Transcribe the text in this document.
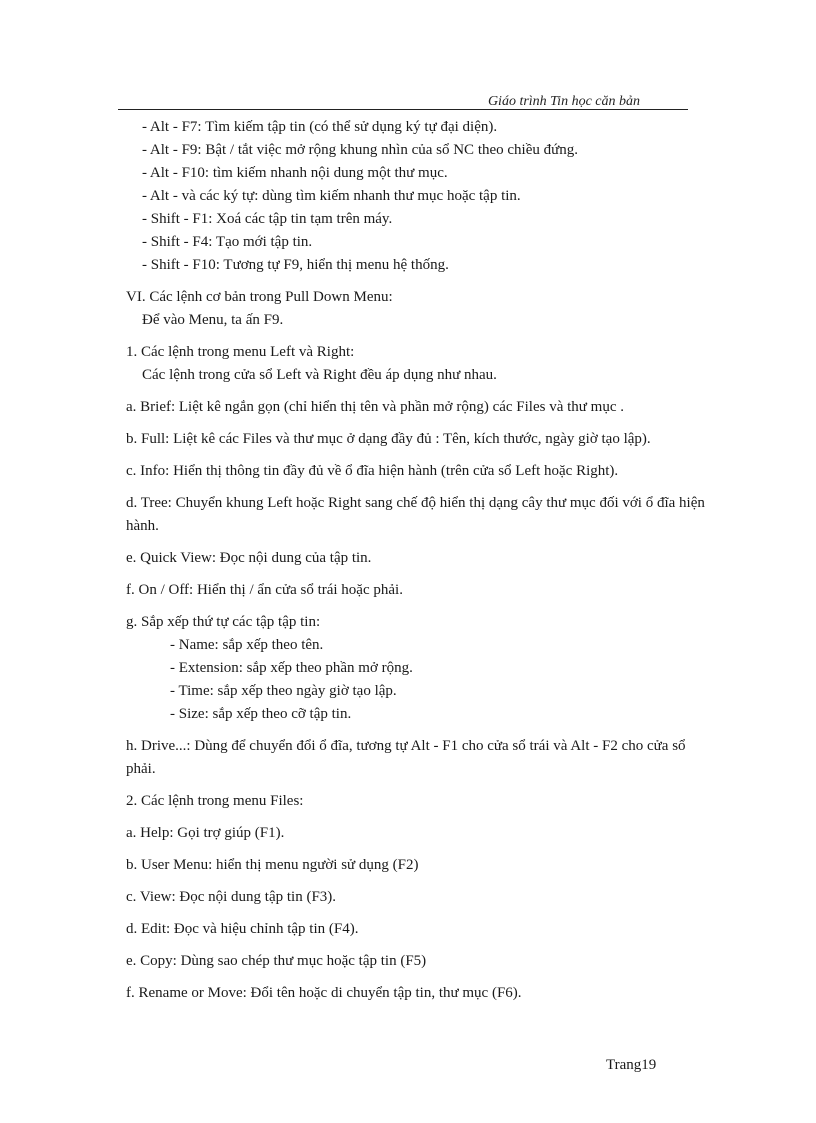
Giáo trình Tin học căn bản

- Alt - F7: Tìm kiếm tập tin (có thể sử dụng ký tự đại diện).

- Alt - F9: Bật / tắt việc mở rộng khung nhìn của sổ NC theo chiều đứng.

- Alt - F10: tìm kiếm nhanh nội dung một thư mục.

- Alt - và các ký tự: dùng tìm kiếm nhanh thư mục hoặc tập tin.

- Shift - F1: Xoá các tập tin tạm trên máy.

- Shift - F4: Tạo mới tập tin.

- Shift - F10: Tương tự F9, hiển thị menu hệ thống.

VI. Các lệnh cơ bản trong Pull Down Menu:

Để vào Menu, ta ấn F9.

1. Các lệnh trong menu Left và Right:

Các lệnh trong cửa sổ Left và Right đều áp dụng như nhau.

a. Brief: Liệt kê ngắn gọn (chỉ hiển thị tên và phần mở rộng) các Files và thư mục .

b. Full: Liệt kê các Files và thư mục ở dạng đầy đủ : Tên, kích thước, ngày giờ tạo lập).

c. Info: Hiển thị thông tin đầy đủ về ổ đĩa hiện hành (trên cửa sổ Left hoặc Right).

d. Tree: Chuyển khung Left hoặc Right sang chế độ hiển thị dạng cây thư mục đối với ổ đĩa hiện hành.

e. Quick View: Đọc nội dung của tập tin.

f. On / Off: Hiển thị / ẩn cửa sổ trái hoặc phải.

g. Sắp xếp thứ tự các tập tập tin:

- Name: sắp xếp theo tên.

- Extension: sắp xếp theo phần mở rộng.

- Time: sắp xếp theo ngày giờ tạo lập.

- Size: sắp xếp theo cỡ tập tin.

h. Drive...: Dùng để chuyển đổi ổ đĩa, tương tự Alt - F1 cho cửa sổ trái và Alt - F2 cho cửa sổ phải.

2. Các lệnh trong menu Files:

a. Help: Gọi trợ giúp (F1).

b. User Menu: hiển thị menu người sử dụng (F2)

c. View: Đọc nội dung tập tin (F3).

d. Edit: Đọc và hiệu chỉnh tập tin (F4).

e. Copy: Dùng sao chép thư mục hoặc tập tin (F5)

f. Rename or Move: Đổi tên hoặc di chuyển tập tin, thư mục (F6).

Trang19
